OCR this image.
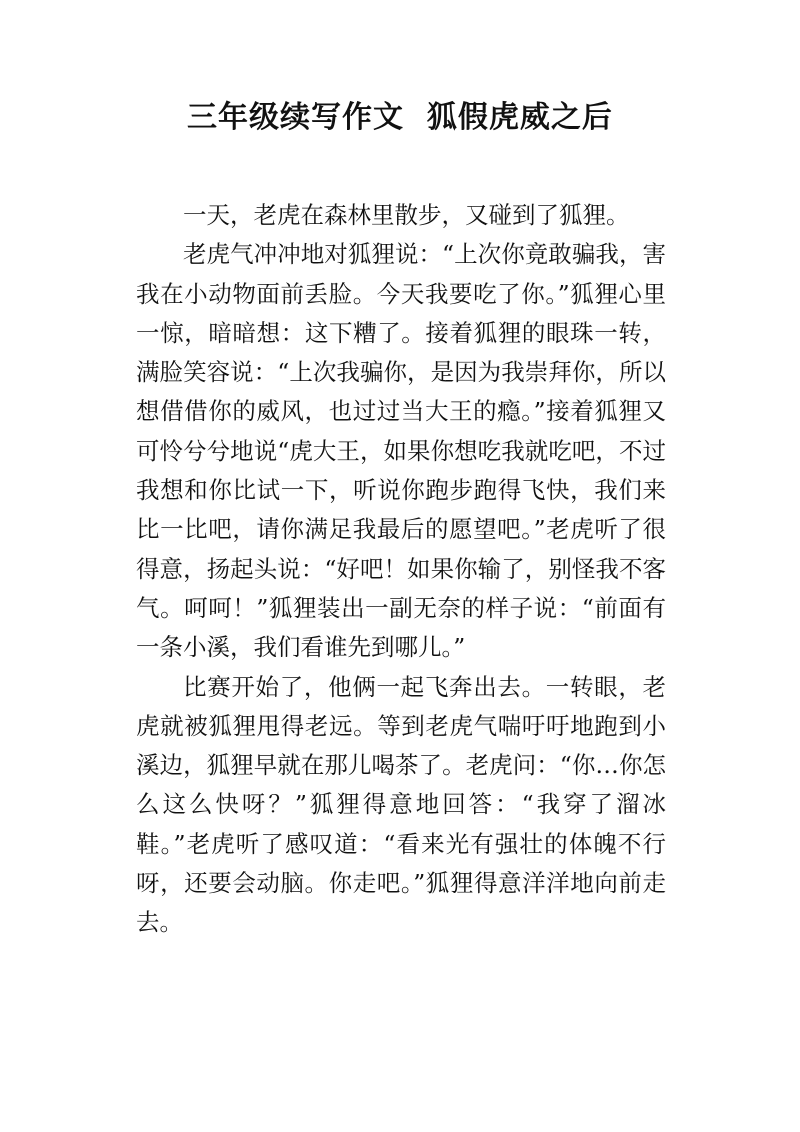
三年级续写作文  狐假虎威之后

一天，老虎在森林里散步，又碰到了狐狸。

老虎气冲冲地对狐狸说：“上次你竟敢骗我，害我在小动物面前丢脸。今天我要吃了你。”狐狸心里一惊，暗暗想：这下糟了。接着狐狸的眼珠一转，满脸笑容说：“上次我骗你，是因为我崇拜你，所以想借借你的威风，也过过当大王的瘾。”接着狐狸又可怜兮兮地说“虎大王，如果你想吃我就吃吧，不过我想和你比试一下，听说你跑步跑得飞快，我们来比一比吧，请你满足我最后的愿望吧。”老虎听了很得意，扬起头说：“好吧！如果你输了，别怪我不客气。呵呵！”狐狸装出一副无奈的样子说：“前面有一条小溪，我们看谁先到哪儿。”

比赛开始了，他俩一起飞奔出去。一转眼，老虎就被狐狸甩得老远。等到老虎气喘吁吁地跑到小溪边，狐狸早就在那儿喝茶了。老虎问：“你…你怎么这么快呀？”狐狸得意地回答：“我穿了溜冰鞋。”老虎听了感叹道：“看来光有强壮的体魄不行呀，还要会动脑。你走吧。”狐狸得意洋洋地向前走去。
